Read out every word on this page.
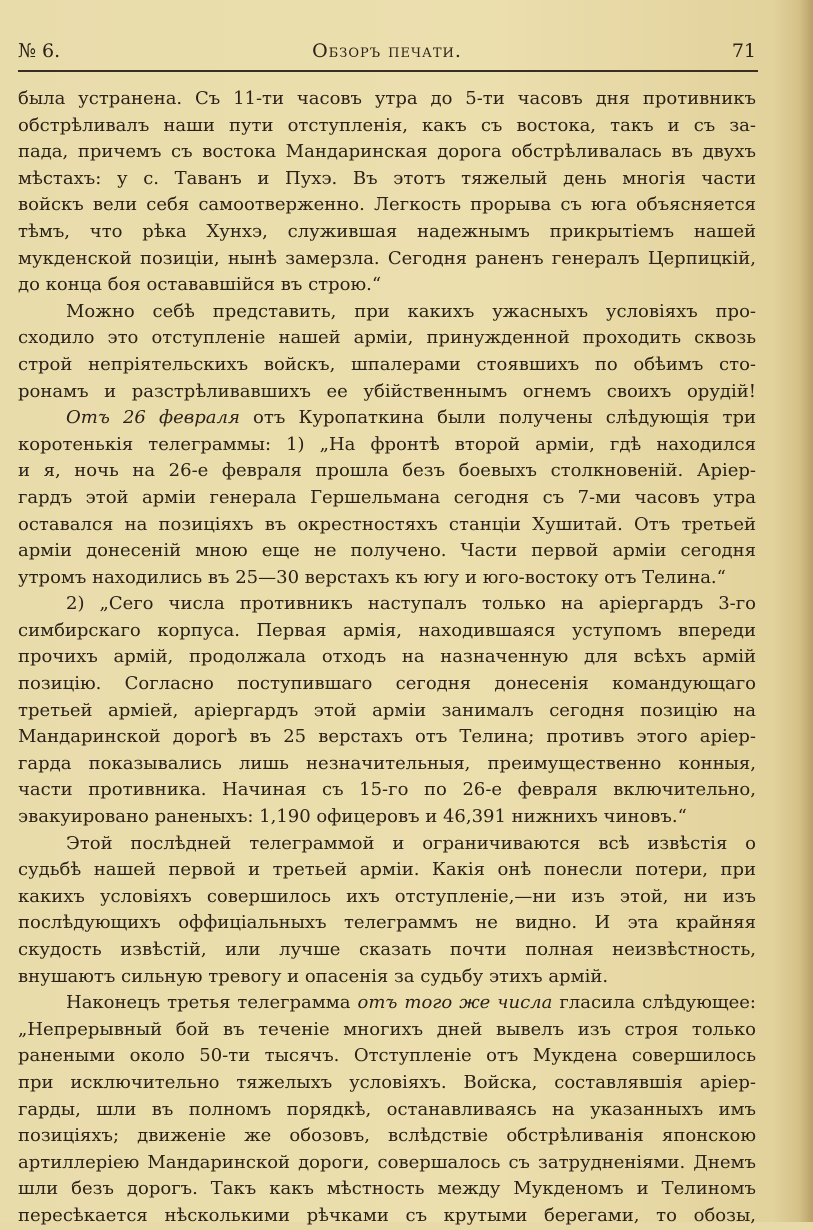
№ 6.	Обзоръ печати.	71
была устранена. Съ 11-ти часовъ утра до 5-ти часовъ дня противникъ
обстрѣливалъ наши пути отступленія, какъ съ востока, такъ и съ за-
пада, причемъ съ востока Мандаринская дорога обстрѣливалась въ двухъ
мѣстахъ: у с. Таванъ и Пухэ. Въ этотъ тяжелый день многія части
войскъ вели себя самоотверженно. Легкость прорыва съ юга объясняется
тѣмъ, что рѣка Хунхэ, служившая надежнымъ прикрытіемъ нашей
мукденской позиціи, нынѣ замерзла. Сегодня раненъ генералъ Церпицкій,
до конца боя остававшійся въ строю.“
Можно себѣ представить, при какихъ ужасныхъ условіяхъ про-
сходило это отступленіе нашей арміи, принужденной проходить сквозь
строй непріятельскихъ войскъ, шпалерами стоявшихъ по обѣимъ сто-
ронамъ и разстрѣливавшихъ ее убійственнымъ огнемъ своихъ орудій!
Отъ 26 февраля отъ Куропаткина были получены слѣдующія три
коротенькія телеграммы: 1) „На фронтѣ второй арміи, гдѣ находился
и я, ночь на 26-е февраля прошла безъ боевыхъ столкновеній. Аріер-
гардъ этой арміи генерала Гершельмана сегодня съ 7-ми часовъ утра
оставался на позиціяхъ въ окрестностяхъ станціи Хушитай. Отъ третьей
арміи донесеній мною еще не получено. Части первой арміи сегодня
утромъ находились въ 25—30 верстахъ къ югу и юго-востоку отъ Телина.“
2) „Сего числа противникъ наступалъ только на аріергардъ 3-го
симбирскаго корпуса. Первая армія, находившаяся уступомъ впереди
прочихъ армій, продолжала отходъ на назначенную для всѣхъ армій
позицію. Согласно поступившаго сегодня донесенія командующаго
третьей арміей, аріергардъ этой арміи занималъ сегодня позицію на
Мандаринской дорогѣ въ 25 верстахъ отъ Телина; противъ этого аріер-
гарда показывались лишь незначительныя, преимущественно конныя,
части противника. Начиная съ 15-го по 26-е февраля включительно,
эвакуировано раненыхъ: 1,190 офицеровъ и 46,391 нижнихъ чиновъ.“
Этой послѣдней телеграммой и ограничиваются всѣ извѣстія о
судьбѣ нашей первой и третьей арміи. Какія онѣ понесли потери, при
какихъ условіяхъ совершилось ихъ отступленіе,—ни изъ этой, ни изъ
послѣдующихъ оффиціальныхъ телеграммъ не видно. И эта крайняя
скудость извѣстій, или лучше сказать почти полная неизвѣстность,
внушаютъ сильную тревогу и опасенія за судьбу этихъ армій.
Наконецъ третья телеграмма отъ того же числа гласила слѣдующее:
„Непрерывный бой въ теченіе многихъ дней вывелъ изъ строя только
ранеными около 50-ти тысячъ. Отступленіе отъ Мукдена совершилось
при исключительно тяжелыхъ условіяхъ. Войска, составлявшія аріер-
гарды, шли въ полномъ порядкѣ, останавливаясь на указанныхъ имъ
позиціяхъ; движеніе же обозовъ, вслѣдствіе обстрѣливанія японскою
артиллеріею Мандаринской дороги, совершалось съ затрудненіями. Днемъ
шли безъ дорогъ. Такъ какъ мѣстность между Мукденомъ и Телиномъ
пересѣкается нѣсколькими рѣчками съ крутыми берегами, то обозы,
